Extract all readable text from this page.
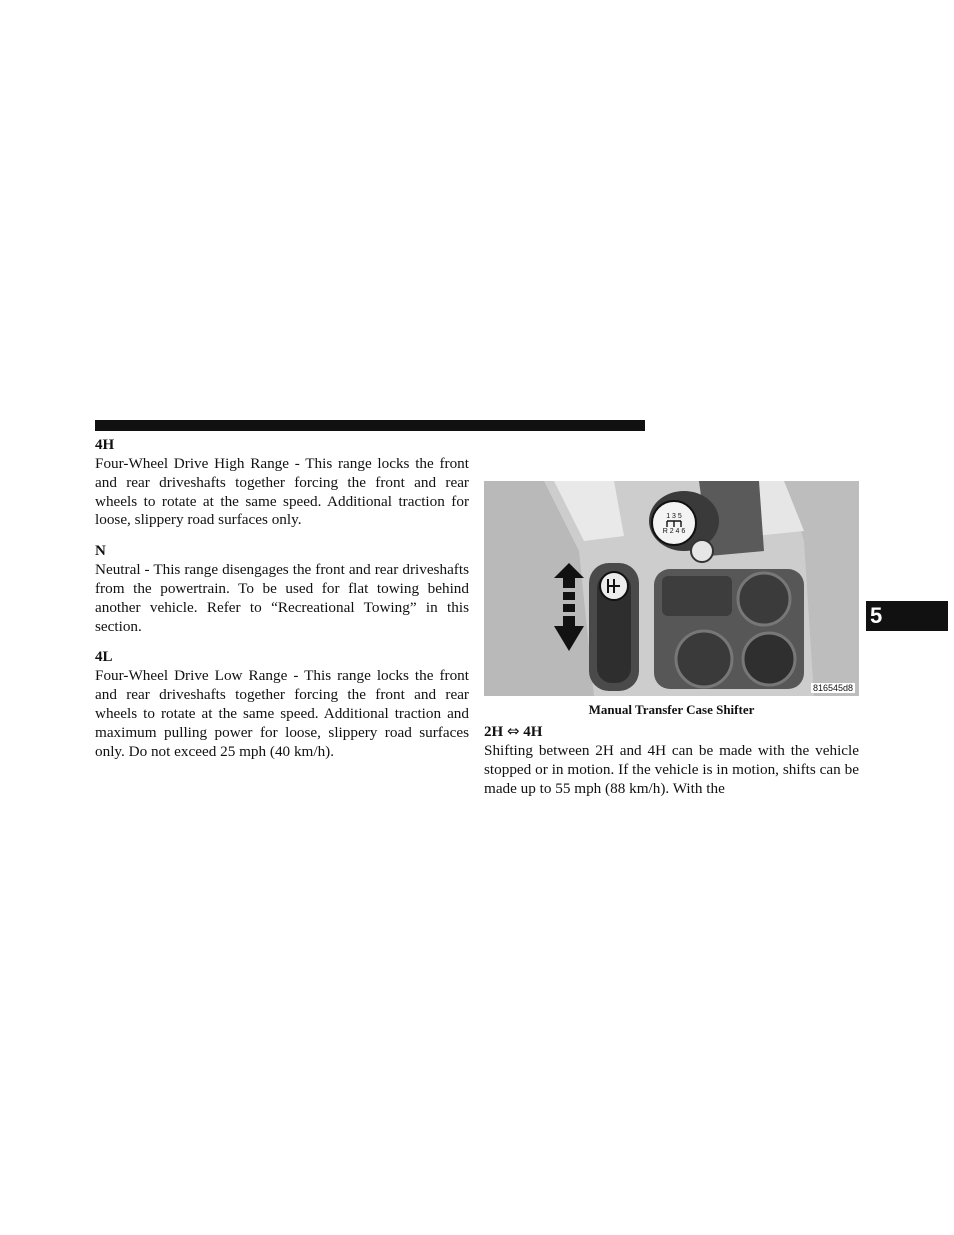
4H

Four-Wheel Drive High Range - This range locks the front and rear driveshafts together forcing the front and rear wheels to rotate at the same speed. Additional traction for loose, slippery road surfaces only.

N

Neutral - This range disengages the front and rear driveshafts from the powertrain. To be used for flat towing behind another vehicle. Refer to “Recreational Towing” in this section.

4L

Four-Wheel Drive Low Range - This range locks the front and rear driveshafts together forcing the front and rear wheels to rotate at the same speed. Additional traction and maximum pulling power for loose, slippery road surfaces only. Do not exceed 25 mph (40 km/h).

1 3 5
R 2 4 6
816545d8

Manual Transfer Case Shifter

2H ⇔ 4H

Shifting between 2H and 4H can be made with the vehicle stopped or in motion. If the vehicle is in motion, shifts can be made up to 55 mph (88 km/h). With the

5
